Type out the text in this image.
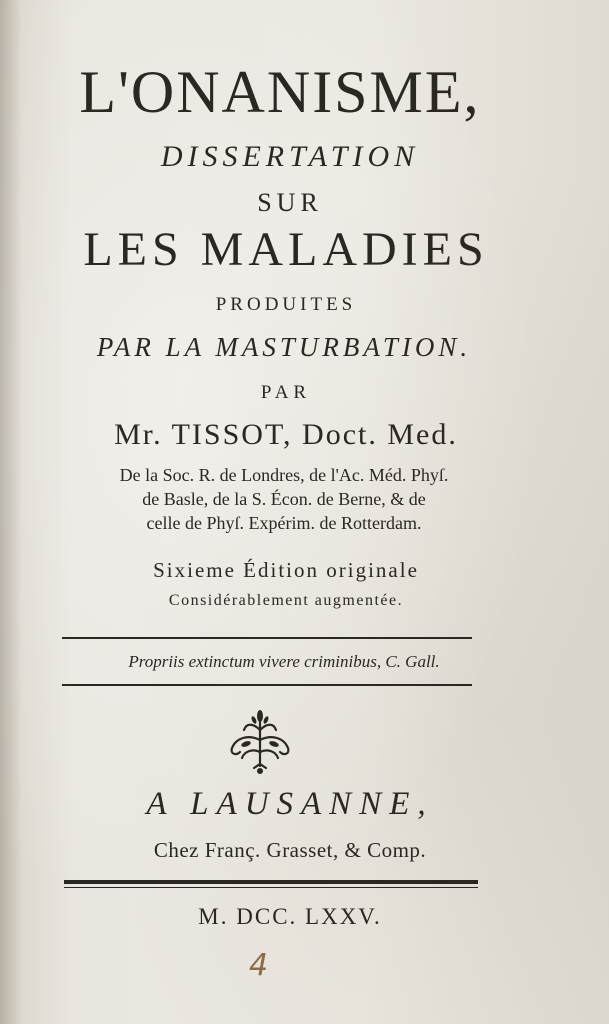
L'ONANISME,
DISSERTATION
SUR
LES MALADIES
PRODUITES
PAR LA MASTURBATION.
PAR
Mr. TISSOT, Doct. Med.
De la Soc. R. de Londres, de l'Ac. Méd. Phyſ.
de Basle, de la S. Écon. de Berne, & de
celle de Phyſ. Expérim. de Rotterdam.
Sixieme Édition originale
Considérablement augmentée.
Propriis extinctum vivere criminibus, C. Gall.
A LAUSANNE,
Chez Franç. Grasset, & Comp.
M. DCC. LXXV.
4
